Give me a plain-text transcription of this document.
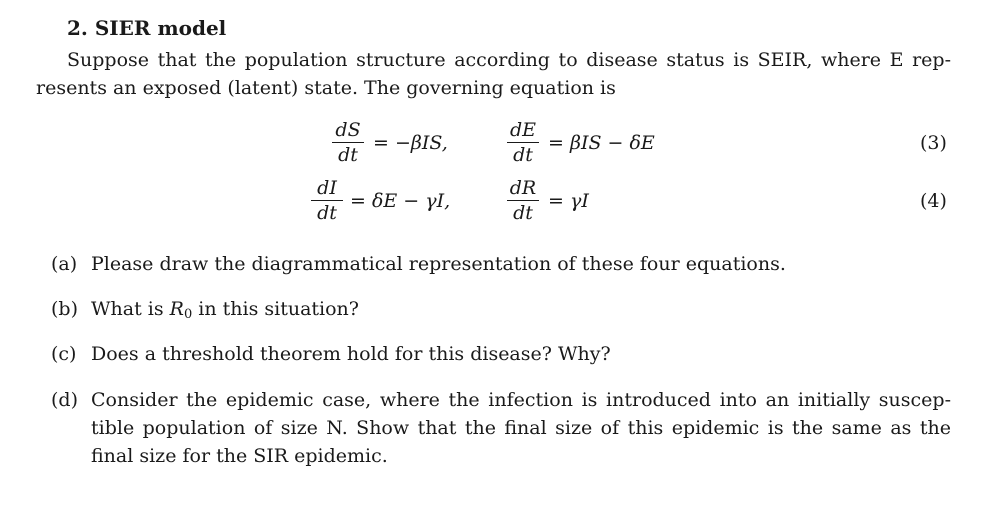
2. SIER model
Suppose that the population structure according to disease status is SEIR, where E rep-
resents an exposed (latent) state. The governing equation is
dS
dt
= −βIS,
dE
dt
= βIS − δE	(3)
dI
dt
= δE − γI,
dR
dt
= γI	(4)
(a) Please draw the diagrammatical representation of these four equations.
(b) What is $R_0$ in this situation?
(c) Does a threshold theorem hold for this disease? Why?
(d) Consider the epidemic case, where the infection is introduced into an initially suscep-
tible population of size N. Show that the final size of this epidemic is the same as the
final size for the SIR epidemic.
